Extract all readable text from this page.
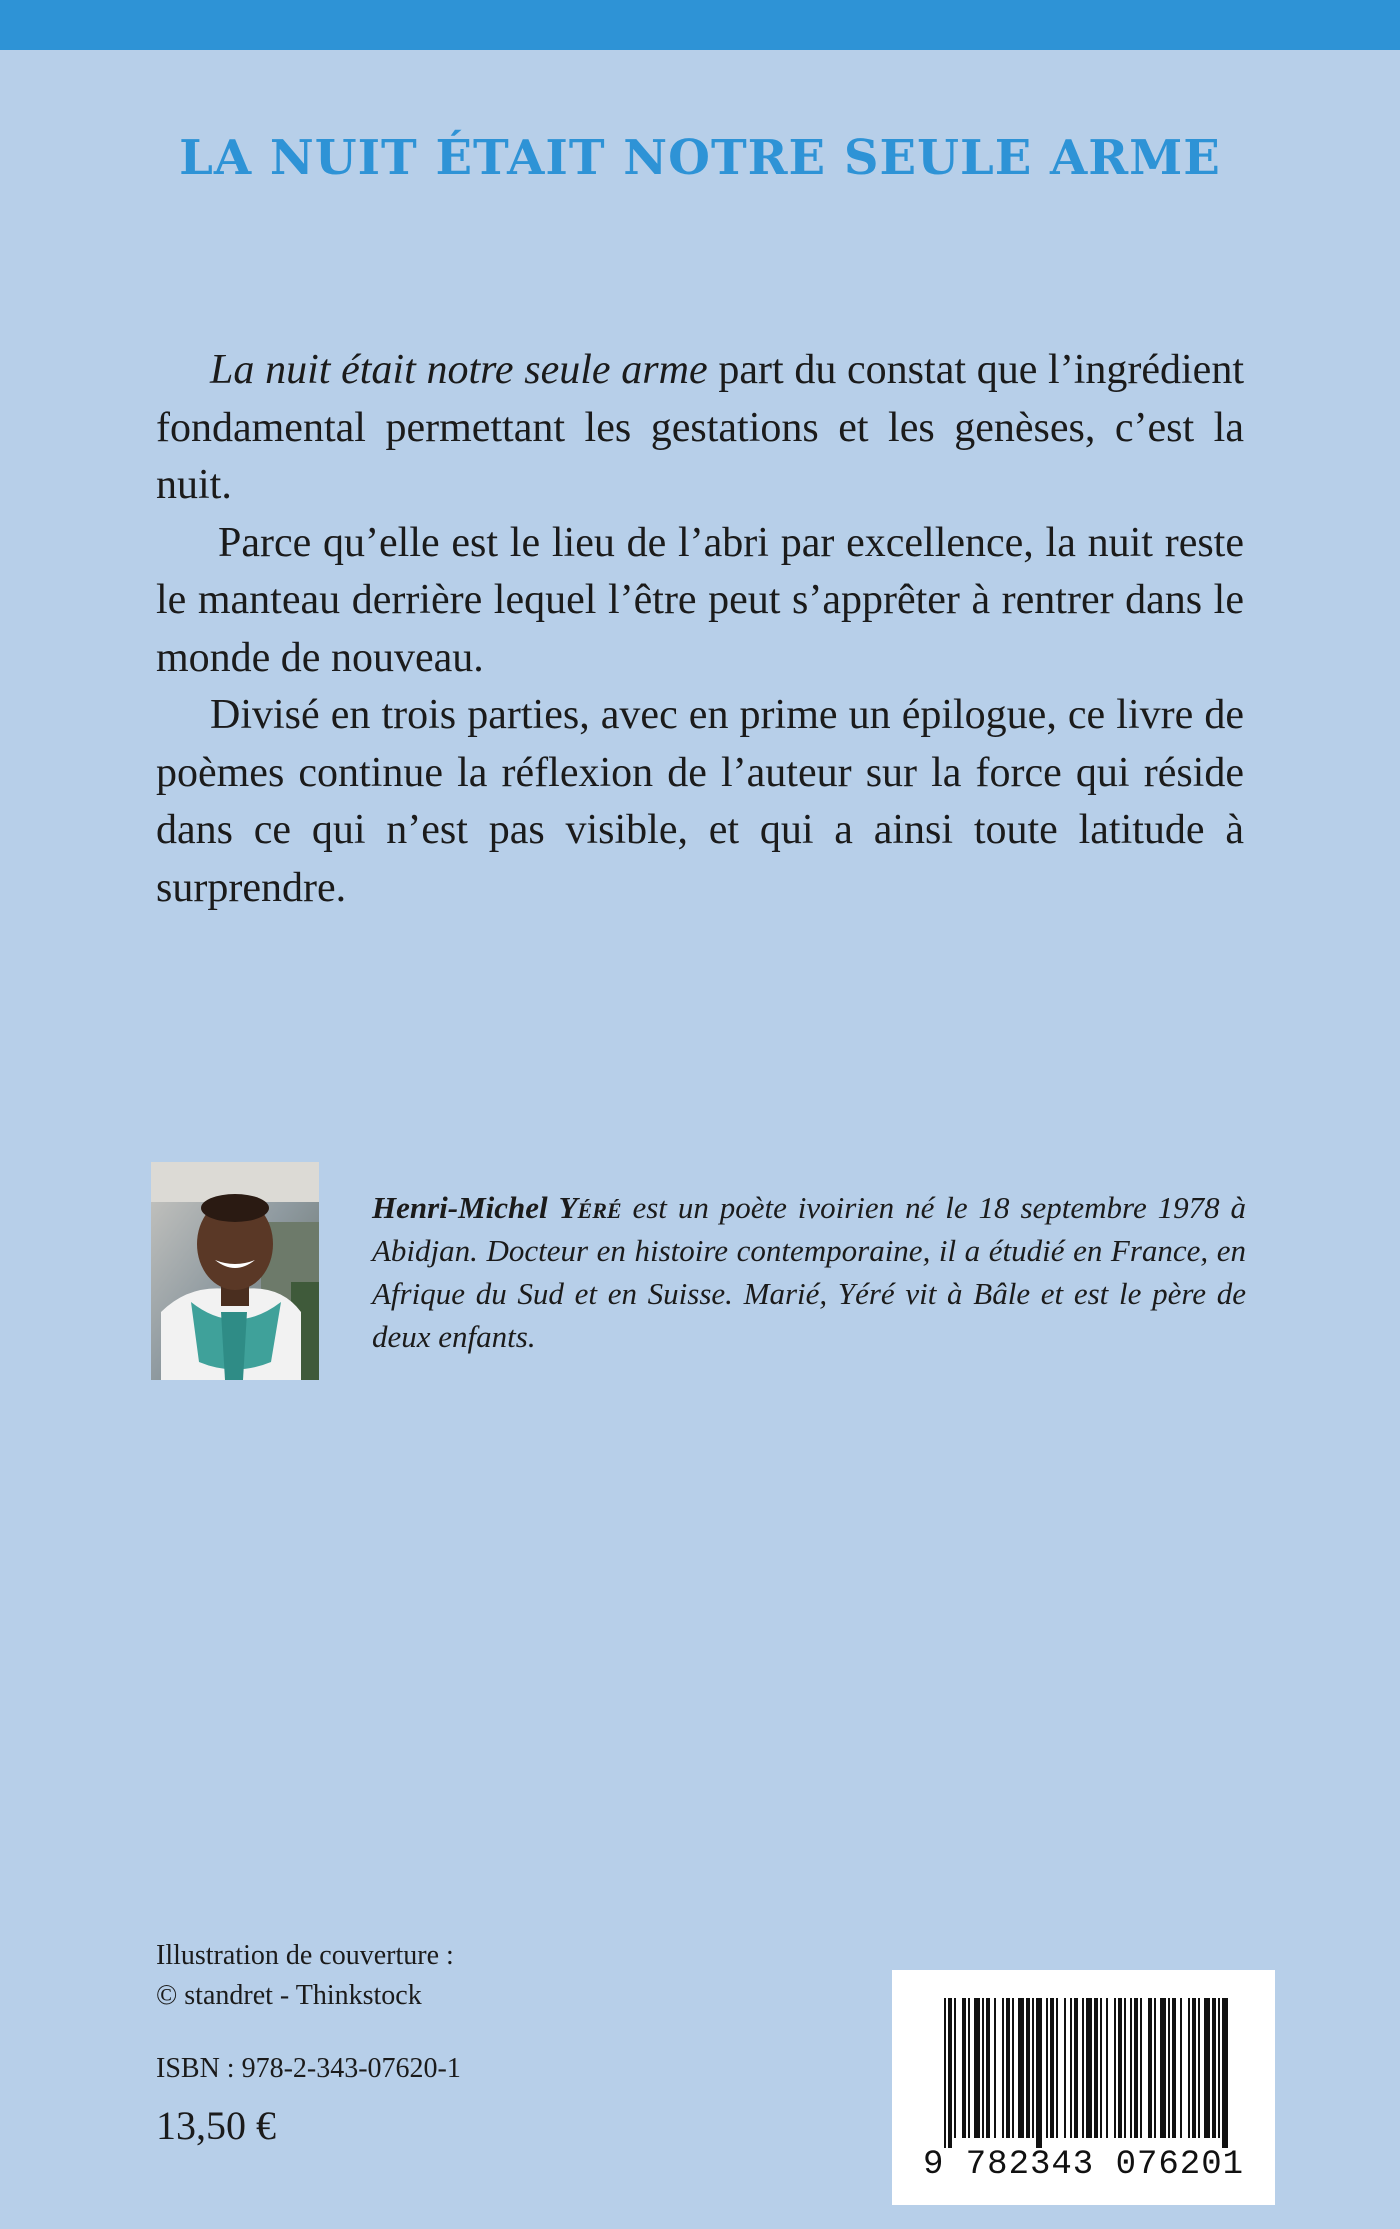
LA NUIT ÉTAIT NOTRE SEULE ARME

La nuit était notre seule arme part du constat que l’ingrédient fondamental permettant les gestations et les genèses, c’est la nuit.

Parce qu’elle est le lieu de l’abri par excellence, la nuit reste le manteau derrière lequel l’être peut s’apprêter à rentrer dans le monde de nouveau.

Divisé en trois parties, avec en prime un épilogue, ce livre de poèmes continue la réflexion de l’auteur sur la force qui réside dans ce qui n’est pas visible, et qui a ainsi toute latitude à surprendre.

Henri-Michel Yéré est un poète ivoirien né le 18 septembre 1978 à Abidjan. Docteur en histoire contemporaine, il a étudié en France, en Afrique du Sud et en Suisse. Marié, Yéré vit à Bâle et est le père de deux enfants.
Illustration de couverture :
© standret - Thinkstock
ISBN : 978-2-343-07620-1
13,50 €
9 782343 076201
